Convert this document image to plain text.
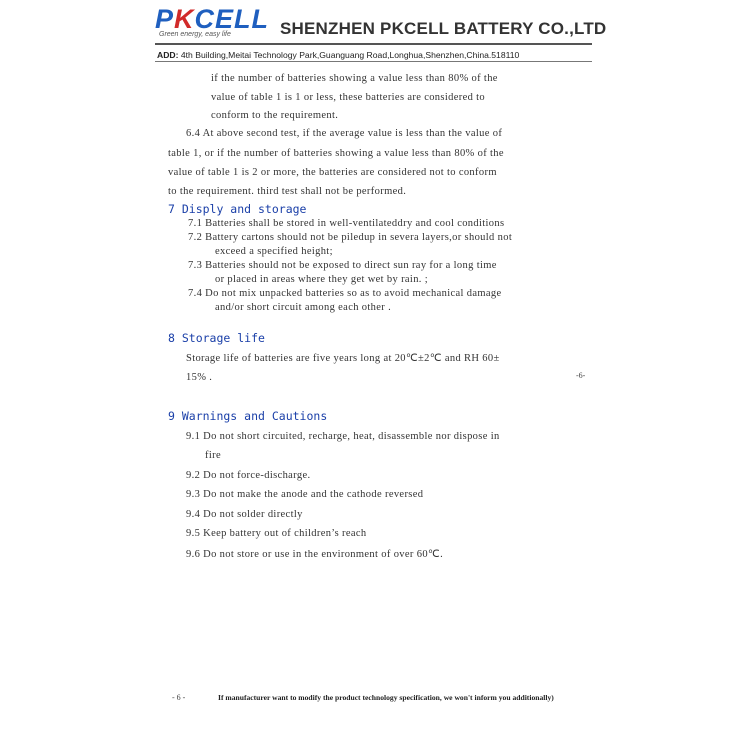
PKCELL
Green energy, easy life	SHENZHEN PKCELL BATTERY CO.,LTD
ADD: 4th Building,Meitai Technology Park,Guanguang Road,Longhua,Shenzhen,China.518110
if the number of batteries showing a value less than 80% of the
value of table 1 is 1 or less, these batteries are considered to
conform to the requirement.
6.4 At above second test, if the average value is less than the value of
table 1, or if the number of batteries showing a value less than 80% of the
value of table 1 is 2 or more, the batteries are considered not to conform
to the requirement. third test shall not be performed.
7 Disply and storage
7.1 Batteries shall be stored in well-ventilateddry and cool conditions
7.2 Battery cartons should not be piledup in severa layers,or should not
exceed a specified height;
7.3 Batteries should not be exposed to direct sun ray for a long time
or placed in areas where they get wet by rain. ;
7.4 Do not mix unpacked batteries so as to avoid mechanical damage
and/or short circuit among each other .
8 Storage life
Storage life of batteries are five years long at 20℃±2℃ and RH 60±
15% .	-6-
9 Warnings and Cautions
9.1 Do not short circuited, recharge, heat, disassemble nor dispose in
fire
9.2 Do not force-discharge.
9.3 Do not make the anode and the cathode reversed
9.4 Do not solder directly
9.5 Keep battery out of children’s reach
9.6 Do not store or use in the environment of over 60℃.
- 6 -	If manufacturer want to modify the product technology specification, we won't inform you additionally)
